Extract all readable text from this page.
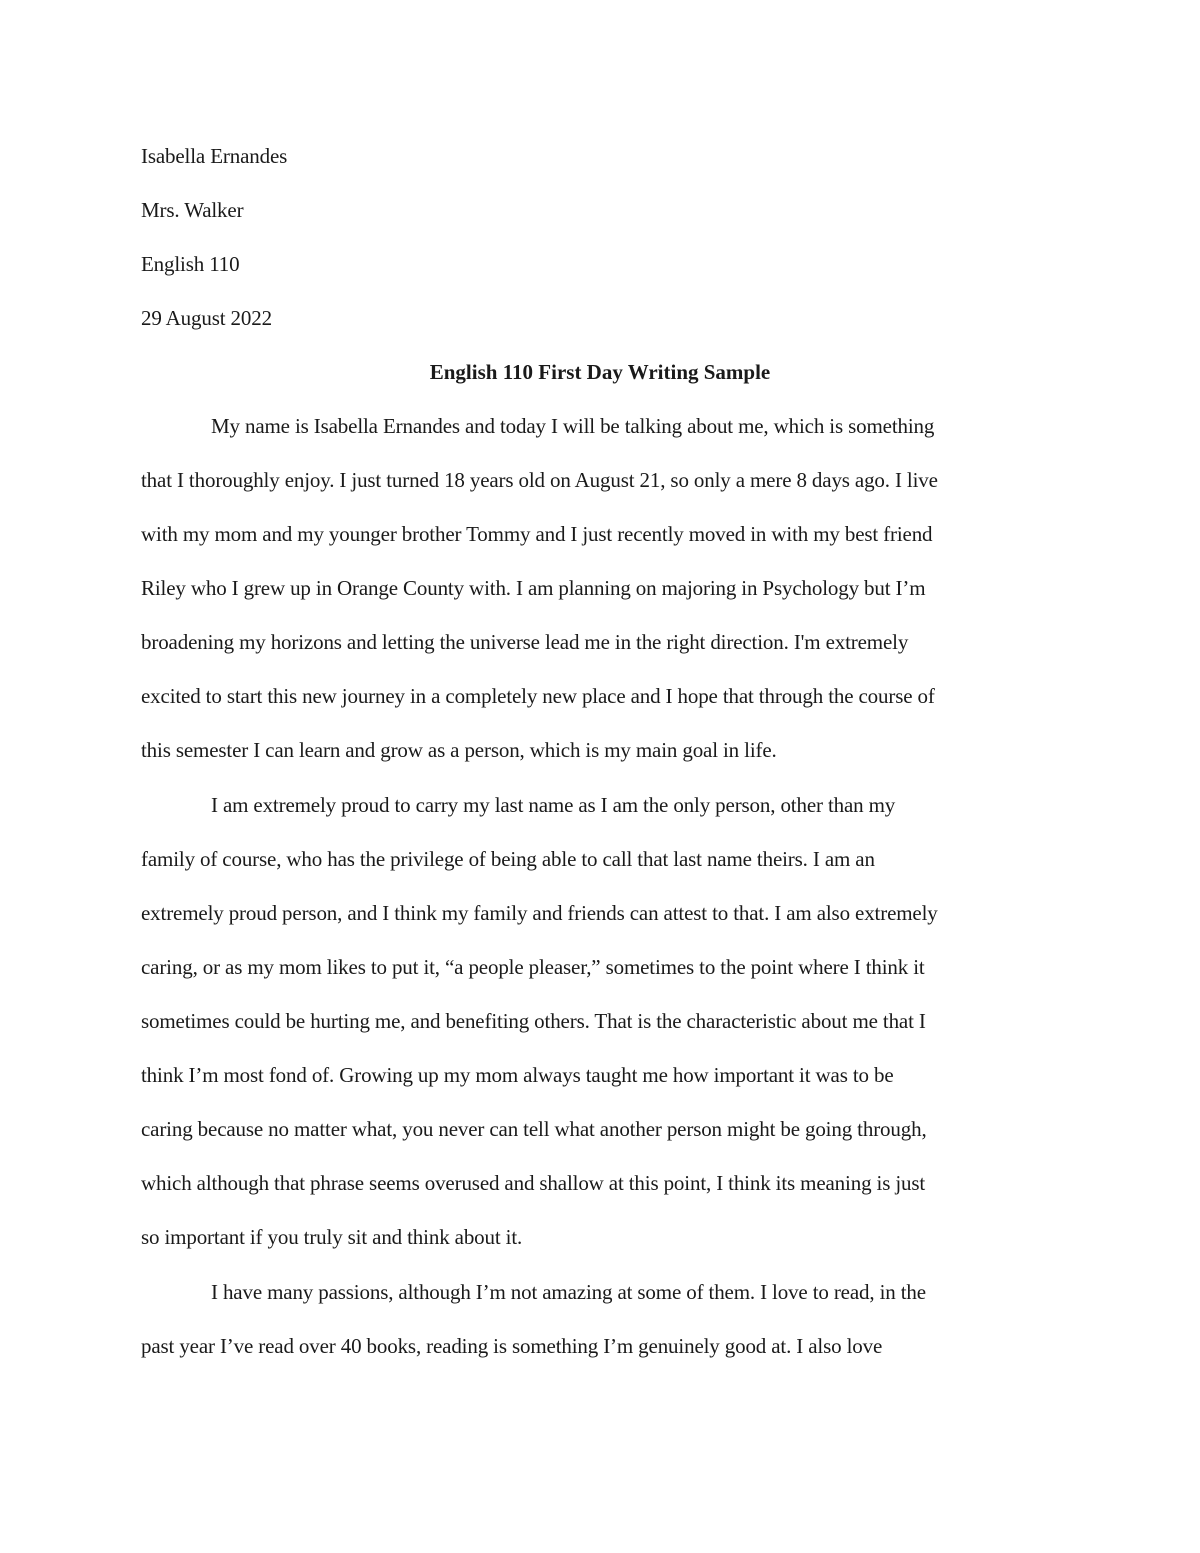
Isabella Ernandes
Mrs. Walker
English 110
29 August 2022
English 110 First Day Writing Sample
My name is Isabella Ernandes and today I will be talking about me, which is something
that I thoroughly enjoy. I just turned 18 years old on August 21, so only a mere 8 days ago. I live
with my mom and my younger brother Tommy and I just recently moved in with my best friend
Riley who I grew up in Orange County with. I am planning on majoring in Psychology but I’m
broadening my horizons and letting the universe lead me in the right direction. I'm extremely
excited to start this new journey in a completely new place and I hope that through the course of
this semester I can learn and grow as a person, which is my main goal in life.
I am extremely proud to carry my last name as I am the only person, other than my
family of course, who has the privilege of being able to call that last name theirs. I am an
extremely proud person, and I think my family and friends can attest to that. I am also extremely
caring, or as my mom likes to put it, “a people pleaser,” sometimes to the point where I think it
sometimes could be hurting me, and benefiting others. That is the characteristic about me that I
think I’m most fond of. Growing up my mom always taught me how important it was to be
caring because no matter what, you never can tell what another person might be going through,
which although that phrase seems overused and shallow at this point, I think its meaning is just
so important if you truly sit and think about it.
I have many passions, although I’m not amazing at some of them. I love to read, in the
past year I’ve read over 40 books, reading is something I’m genuinely good at. I also love
